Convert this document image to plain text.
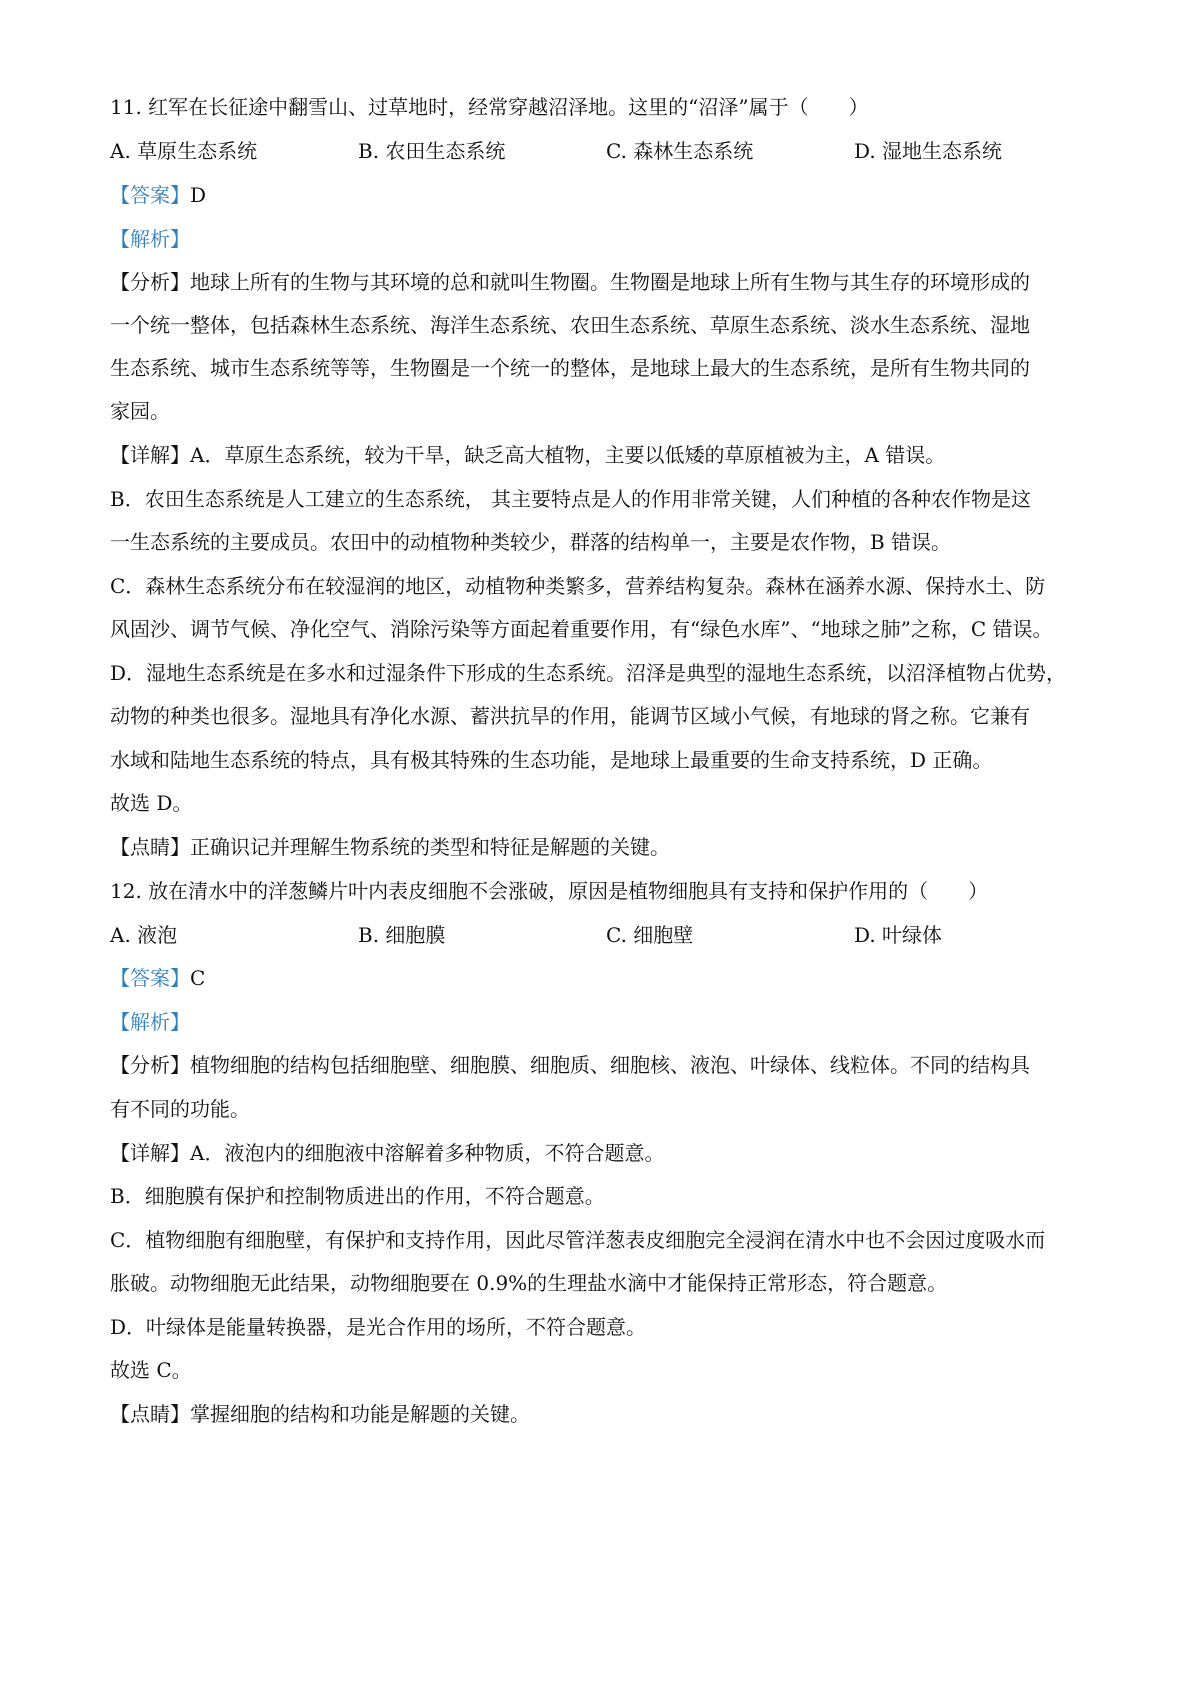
11. 红军在长征途中翻雪山、过草地时，经常穿越沼泽地。这里的“沼泽”属于（　　）
A. 草原生态系统	B. 农田生态系统	C. 森林生态系统	D. 湿地生态系统
【答案】D
【解析】
【分析】地球上所有的生物与其环境的总和就叫生物圈。生物圈是地球上所有生物与其生存的环境形成的
一个统一整体，包括森林生态系统、海洋生态系统、农田生态系统、草原生态系统、淡水生态系统、湿地
生态系统、城市生态系统等等，生物圈是一个统一的整体，是地球上最大的生态系统，是所有生物共同的
家园。
【详解】A．草原生态系统，较为干旱，缺乏高大植物，主要以低矮的草原植被为主，A 错误。
B．农田生态系统是人工建立的生态系统， 其主要特点是人的作用非常关键，人们种植的各种农作物是这
一生态系统的主要成员。农田中的动植物种类较少，群落的结构单一，主要是农作物，B 错误。
C．森林生态系统分布在较湿润的地区，动植物种类繁多，营养结构复杂。森林在涵养水源、保持水土、防
风固沙、调节气候、净化空气、消除污染等方面起着重要作用，有“绿色水库”、“地球之肺”之称，C 错误。
D．湿地生态系统是在多水和过湿条件下形成的生态系统。沼泽是典型的湿地生态系统，以沼泽植物占优势，
动物的种类也很多。湿地具有净化水源、蓄洪抗旱的作用，能调节区域小气候，有地球的肾之称。它兼有
水域和陆地生态系统的特点，具有极其特殊的生态功能，是地球上最重要的生命支持系统，D 正确。
故选 D。
【点睛】正确识记并理解生物系统的类型和特征是解题的关键。
12. 放在清水中的洋葱鳞片叶内表皮细胞不会涨破，原因是植物细胞具有支持和保护作用的（　　）
A. 液泡	B. 细胞膜	C. 细胞壁	D. 叶绿体
【答案】C
【解析】
【分析】植物细胞的结构包括细胞壁、细胞膜、细胞质、细胞核、液泡、叶绿体、线粒体。不同的结构具
有不同的功能。
【详解】A．液泡内的细胞液中溶解着多种物质，不符合题意。
B．细胞膜有保护和控制物质进出的作用，不符合题意。
C．植物细胞有细胞壁，有保护和支持作用，因此尽管洋葱表皮细胞完全浸润在清水中也不会因过度吸水而
胀破。动物细胞无此结果，动物细胞要在 0.9%的生理盐水滴中才能保持正常形态，符合题意。
D．叶绿体是能量转换器，是光合作用的场所，不符合题意。
故选 C。
【点睛】掌握细胞的结构和功能是解题的关键。
